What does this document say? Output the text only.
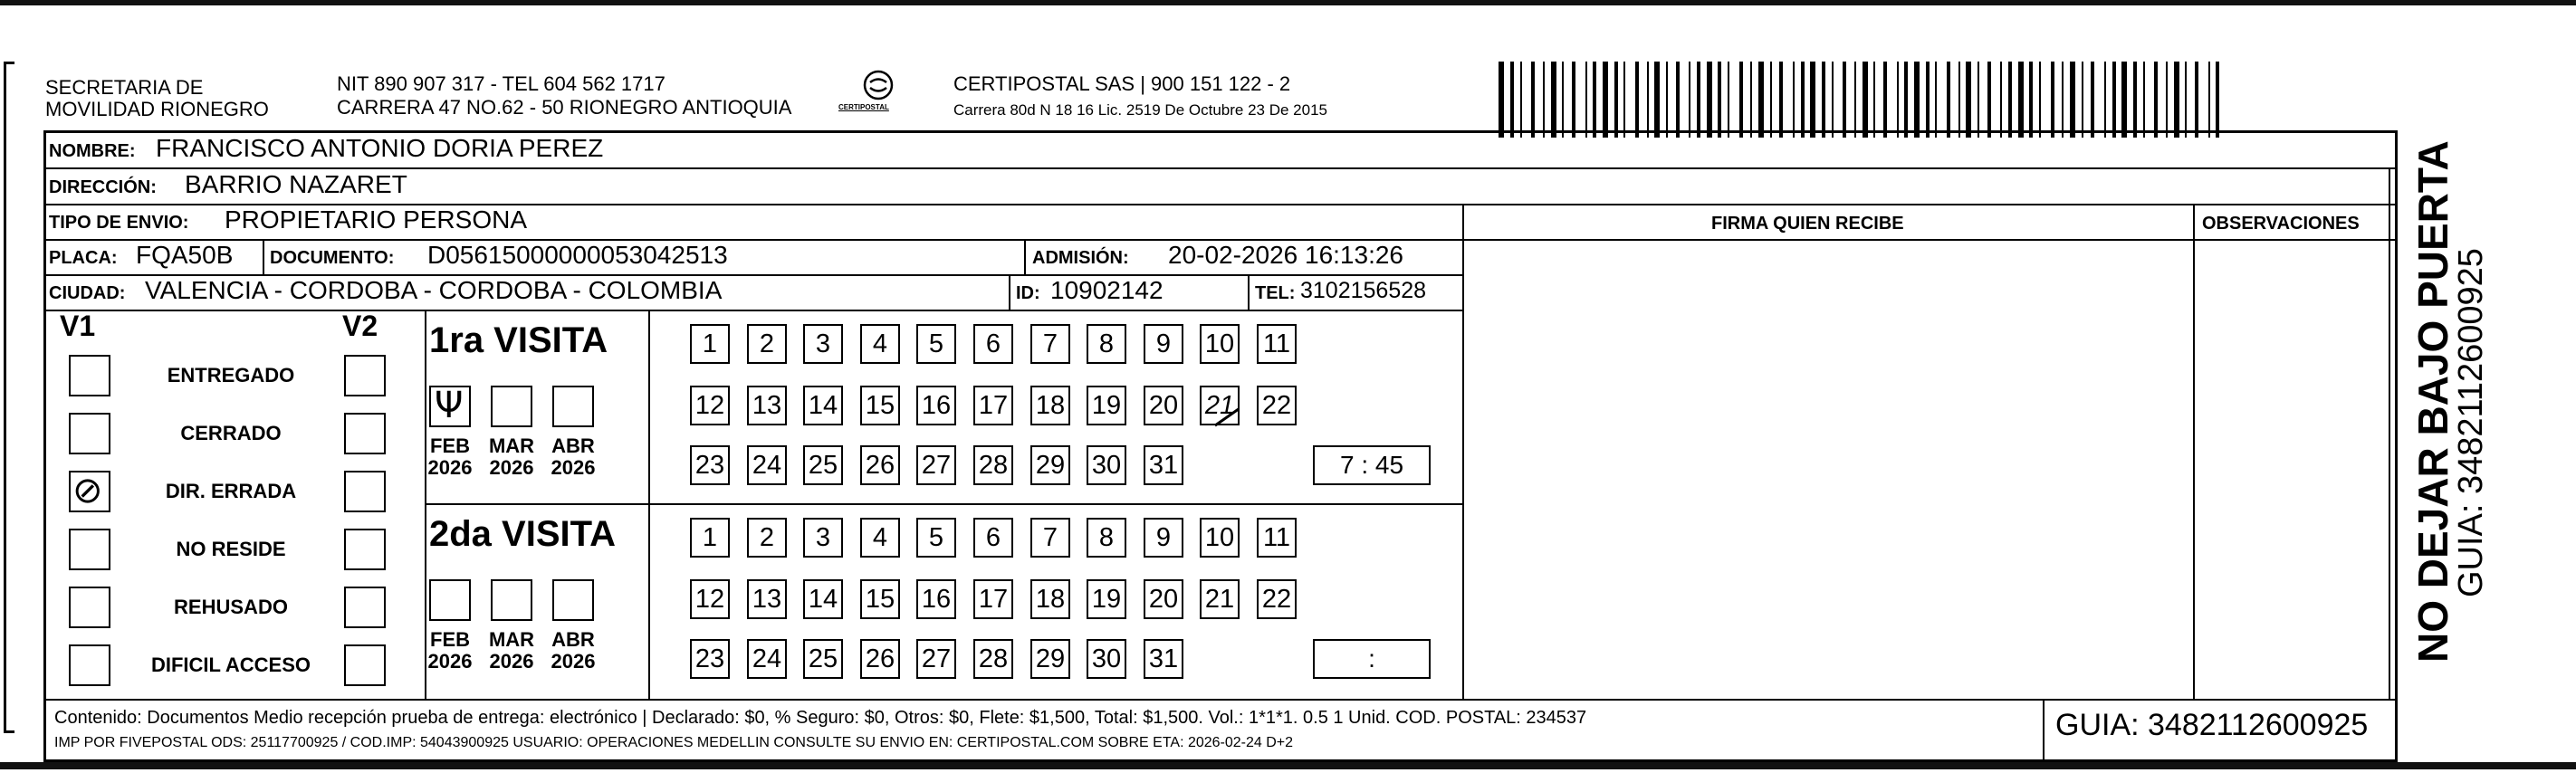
SECRETARIA DE
MOVILIDAD RIONEGRO
NIT 890 907 317 - TEL 604 562 1717
CARRERA 47 NO.62 - 50 RIONEGRO ANTIOQUIA	CERTIPOSTAL
CERTIPOSTAL SAS | 900 151 122 - 2
Carrera 80d N 18 16 Lic. 2519 De Octubre 23 De 2015
NOMBRE: FRANCISCO ANTONIO DORIA PEREZ
DIRECCIÓN: BARRIO NAZARET
TIPO DE ENVIO: PROPIETARIO PERSONA	FIRMA QUIEN RECIBE	OBSERVACIONES
PLACA: FQA50B DOCUMENTO: D05615000000053042513	ADMISIÓN: 20-02-2026 16:13:26
CIUDAD: VALENCIA - CORDOBA - CORDOBA - COLOMBIA	ID: 10902142	TEL: 3102156528
V1	V2
ENTREGADO
CERRADO
⊘	DIR. ERRADA
NO RESIDE
REHUSADO
DIFICIL ACCESO
1ra VISITA
Ψ
FEB
2026
MAR
2026
ABR
2026
1	2	3	4	5	6	7	8	9	10 11
12 13 14 15 16 17 18 19 20 21 22
23 24 25 26 27 28 29 30 31	7 : 45
2da VISITA
FEB
2026
MAR
2026
ABR
2026
1	2	3	4	5	6	7	8	9	10 11
12 13 14 15 16 17 18 19 20 21 22
23 24 25 26 27 28 29 30 31	:
Contenido: Documentos Medio recepción prueba de entrega: electrónico | Declarado: $0, % Seguro: $0, Otros: $0, Flete: $1,500, Total: $1,500. Vol.: 1*1*1. 0.5 1 Unid. COD. POSTAL: 234537
IMP POR FIVEPOSTAL ODS: 25117700925 / COD.IMP: 54043900925 USUARIO: OPERACIONES MEDELLIN CONSULTE SU ENVIO EN: CERTIPOSTAL.COM SOBRE ETA: 2026-02-24 D+2
GUIA: 3482112600925
NO DEJAR BAJO PUERTA
GUIA: 3482112600925
